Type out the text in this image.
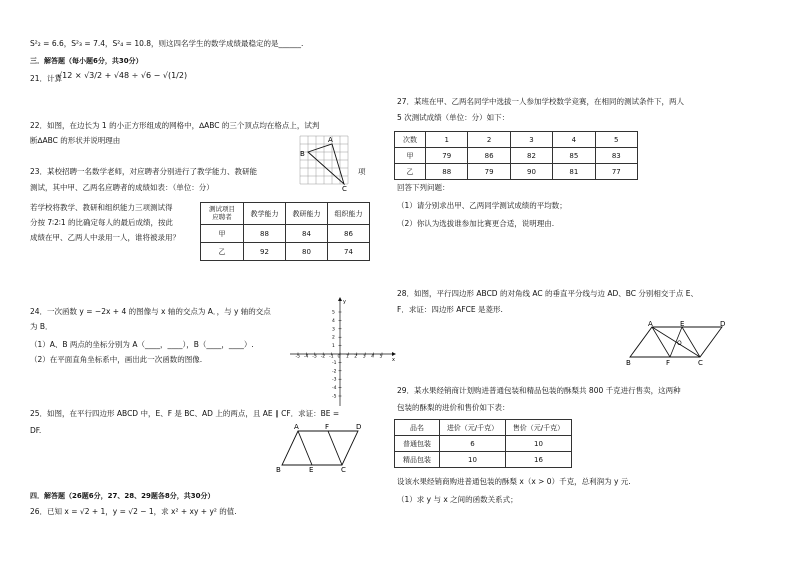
S²₂ = 6.6，S²₃ = 7.4，S²₄ = 10.8，则这四名学生的数学成绩最稳定的是______.
三．解答题（每小题6分，共30分）
21．计算
√12 × √3/2 + √48 ÷ √6 − √(1/2)
22．如图，在边长为 1 的小正方形组成的网格中，∆ABC 的三个顶点均在格点上，试判
断∆ABC 的形状并说明理由	A
B
C
23．某校招聘一名数学老师，对应聘者分别进行了教学能力、教研能	项
测试，其中甲、乙两名应聘者的成绩如表：（单位：分）
若学校将教学、教研和组织能力三项测试得
分按 7∶2∶1 的比确定每人的最后成绩，按此
成绩在甲、乙两人中录用一人，谁将被录用？
测试项目
应聘者	教学能力	教研能力	组织能力
甲	88	84	86
乙	92	80	74
24．一次函数 y = −2x + 4 的图像与 x 轴的交点为 A．，与 y 轴的交点
为 B．
（1）A、B 两点的坐标分别为 A（____，____），B（____，____）.
（2）在平面直角坐标系中，画出此一次函数的图像.	-5 -4 -3 -2 -1 0 1 2 3 4 5
5
4
3
2
1
-1
-2
-3
-4
-5
x
y
25．如图，在平行四边形 ABCD 中，E、F 是 BC、AD 上的两点，且 AE ∥ CF．求证：BE =
DF.	A	D
F
B	E	C
四．解答题（26题6分，27、28、29题各8分，共30分）
26．已知 x = √2 + 1，y = √2 − 1，求 x² + xy + y² 的值.
27．某班在甲、乙两名同学中选拔一人参加学校数学竞赛，在相同的测试条件下，两人
5 次测试成绩（单位：分）如下：
次数	1	2	3	4	5
甲	79	86	82	85	83
乙	88	79	90	81	77
回答下列问题：
（1）请分别求出甲、乙两同学测试成绩的平均数；
（2）你认为选拔谁参加比赛更合适，说明理由.
28．如图，平行四边形 ABCD 的对角线 AC 的垂直平分线与边 AD、BC 分别相交于点 E、
F．求证：四边形 AFCE 是菱形.
A	E	D
B	F	C
O
29．某水果经销商计划购进普通包装和精品包装的酥梨共 800 千克进行售卖，这两种
包装的酥梨的进价和售价如下表：
品名	进价（元/千克）	售价（元/千克）
普通包装	6	10
精品包装	10	16
设该水果经销商购进普通包装的酥梨 x（x > 0）千克，总利润为 y 元.
（1）求 y 与 x 之间的函数关系式；
